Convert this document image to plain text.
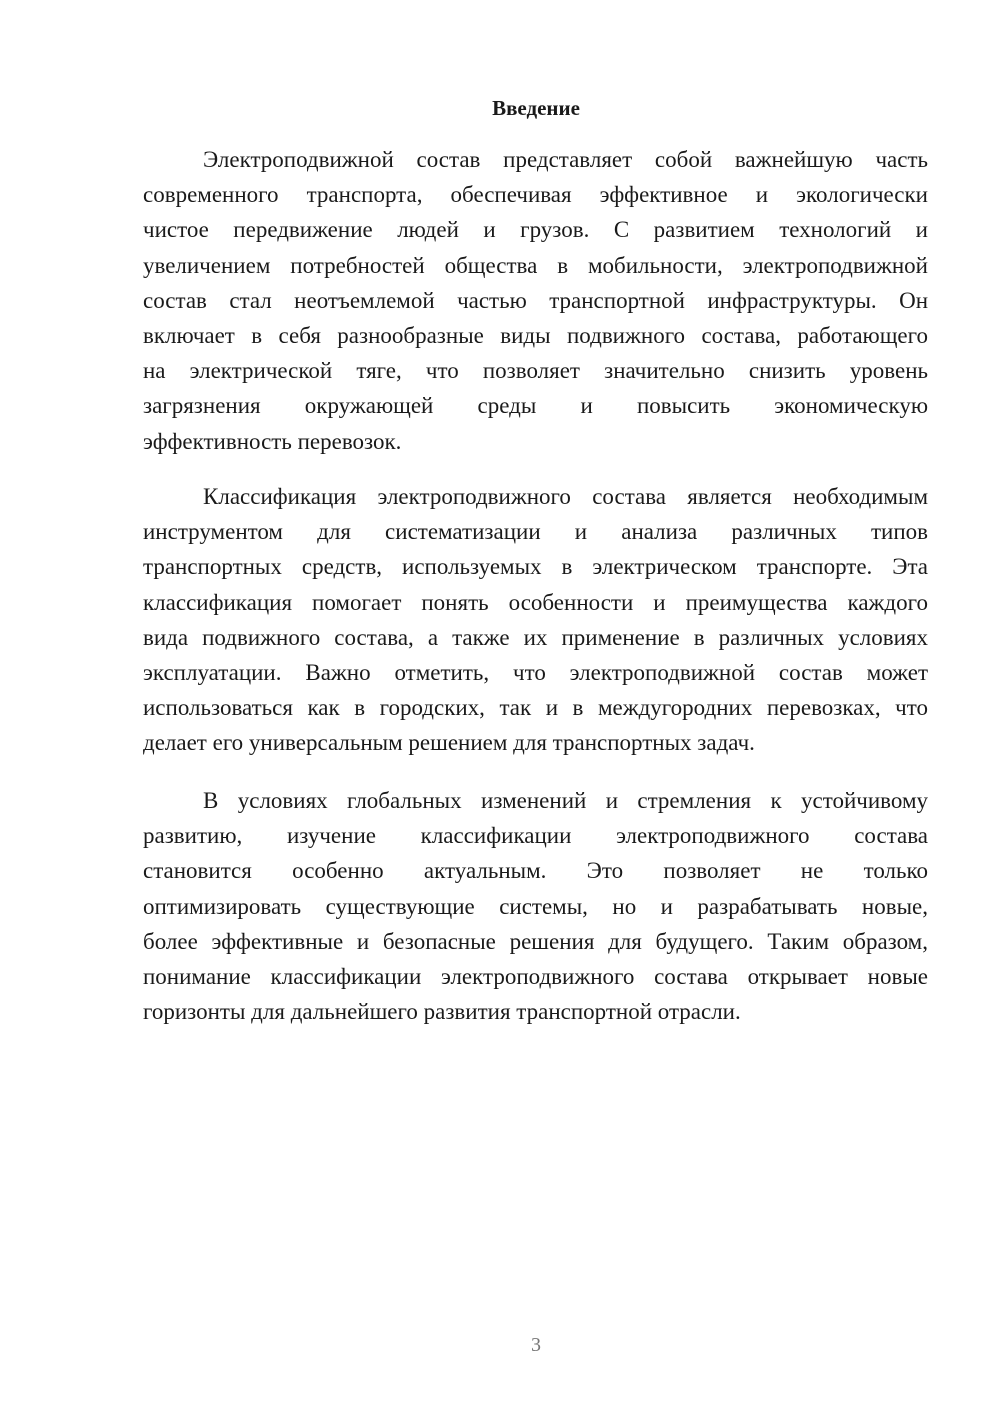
Введение
Электроподвижной состав представляет собой важнейшую часть
современного транспорта, обеспечивая эффективное и экологически
чистое передвижение людей и грузов. С развитием технологий и
увеличением потребностей общества в мобильности, электроподвижной
состав стал неотъемлемой частью транспортной инфраструктуры. Он
включает в себя разнообразные виды подвижного состава, работающего
на электрической тяге, что позволяет значительно снизить уровень
загрязнения окружающей среды и повысить экономическую
эффективность перевозок.
Классификация электроподвижного состава является необходимым
инструментом для систематизации и анализа различных типов
транспортных средств, используемых в электрическом транспорте. Эта
классификация помогает понять особенности и преимущества каждого
вида подвижного состава, а также их применение в различных условиях
эксплуатации. Важно отметить, что электроподвижной состав может
использоваться как в городских, так и в междугородних перевозках, что
делает его универсальным решением для транспортных задач.
В условиях глобальных изменений и стремления к устойчивому
развитию, изучение классификации электроподвижного состава
становится особенно актуальным. Это позволяет не только
оптимизировать существующие системы, но и разрабатывать новые,
более эффективные и безопасные решения для будущего. Таким образом,
понимание классификации электроподвижного состава открывает новые
горизонты для дальнейшего развития транспортной отрасли.
3
